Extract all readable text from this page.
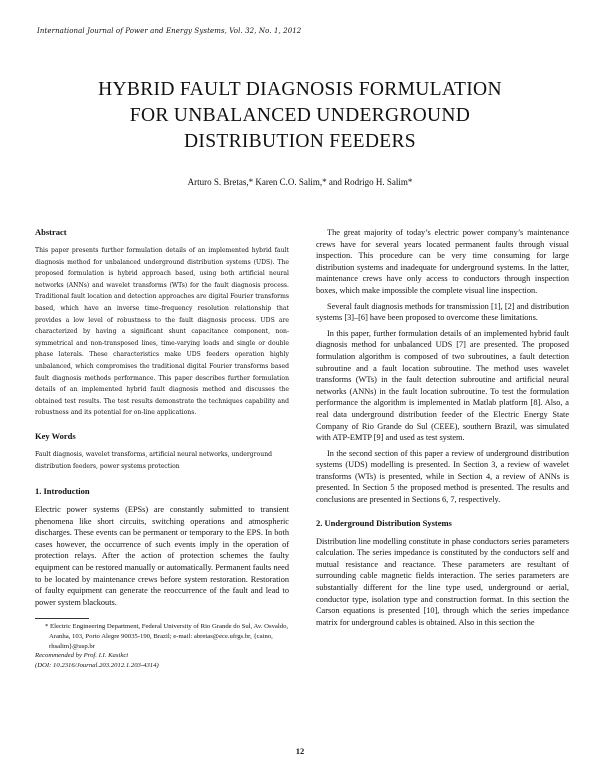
International Journal of Power and Energy Systems, Vol. 32, No. 1, 2012
HYBRID FAULT DIAGNOSIS FORMULATION
FOR UNBALANCED UNDERGROUND
DISTRIBUTION FEEDERS
Arturo S. Bretas,* Karen C.O. Salim,* and Rodrigo H. Salim*
Abstract

This paper presents further formulation details of an implemented hybrid fault diagnosis method for unbalanced underground distribution systems (UDS). The proposed formulation is hybrid approach based, using both artificial neural networks (ANNs) and wavelet transforms (WTs) for the fault diagnosis process. Traditional fault location and detection approaches are digital Fourier transforms based, which have an inverse time–frequency resolution relationship that provides a low level of robustness to the fault diagnosis process. UDS are characterized by having a significant shunt capacitance component, non-symmetrical and non-transposed lines, time-varying loads and single or double phase laterals. These characteristics make UDS feeders operation highly unbalanced, which compromises the traditional digital Fourier transforms based fault diagnosis methods performance. This paper describes further formulation details of an implemented hybrid fault diagnosis method and discusses the obtained test results. The test results demonstrate the techniques capability and robustness and its potential for on-line applications.

Key Words

Fault diagnosis, wavelet transforms, artificial neural networks, underground distribution feeders, power systems protection

1. Introduction

Electric power systems (EPSs) are constantly submitted to transient phenomena like short circuits, switching operations and atmospheric discharges. These events can be permanent or temporary to the EPS. In both cases however, the occurrence of such events imply in the operation of protection relays. After the action of protection schemes the faulty equipment can be restored manually or automatically. Permanent faults need to be located by maintenance crews before system restoration. Restoration of faulty equipment can generate the reoccurrence of the fault and lead to power system blackouts.

* Electric Engineering Department, Federal University of Rio Grande do Sul, Av. Osvaldo, Aranha, 103, Porto Alegre 90035-190, Brazil; e-mail: abretas@ece.ufrgs.br, {caino, rhsalim}@usp.br
Recommended by Prof. I.I. Kasikci
(DOI: 10.2316/Journal.203.2012.1.203-4314)

The great majority of today’s electric power company’s maintenance crews have for several years located permanent faults through visual inspection. This procedure can be very time consuming for large distribution systems and inadequate for underground systems. In the latter, maintenance crews have only access to conductors through inspection boxes, which make impossible the complete visual line inspection.

Several fault diagnosis methods for transmission [1], [2] and distribution systems [3]–[6] have been proposed to overcome these limitations.

In this paper, further formulation details of an implemented hybrid fault diagnosis method for unbalanced UDS [7] are presented. The proposed formulation algorithm is composed of two subroutines, a fault detection subroutine and a fault location subroutine. The method uses wavelet transforms (WTs) in the fault detection subroutine and artificial neural networks (ANNs) in the fault location subroutine. To test the formulation performance the algorithm is implemented in Matlab platform [8]. Also, a real data underground distribution feeder of the Electric Energy State Company of Rio Grande do Sul (CEEE), southern Brazil, was simulated with ATP-EMTP [9] and used as test system.

In the second section of this paper a review of underground distribution systems (UDS) modelling is presented. In Section 3, a review of wavelet transforms (WTs) is presented, while in Section 4, a review of ANNs is presented. In Section 5 the proposed method is presented. The results and conclusions are presented in Sections 6, 7, respectively.

2. Underground Distribution Systems

Distribution line modelling constitute in phase conductors series parameters calculation. The series impedance is constituted by the conductors self and mutual resistance and reactance. These parameters are resultant of surrounding cable magnetic fields interaction. The series parameters are substantially different for the line type used, underground or aerial, conductor type, isolation type and construction format. In this section the Carson equations is presented [10], through which the series impedance matrix for underground cables is obtained. Also in this section the

12
